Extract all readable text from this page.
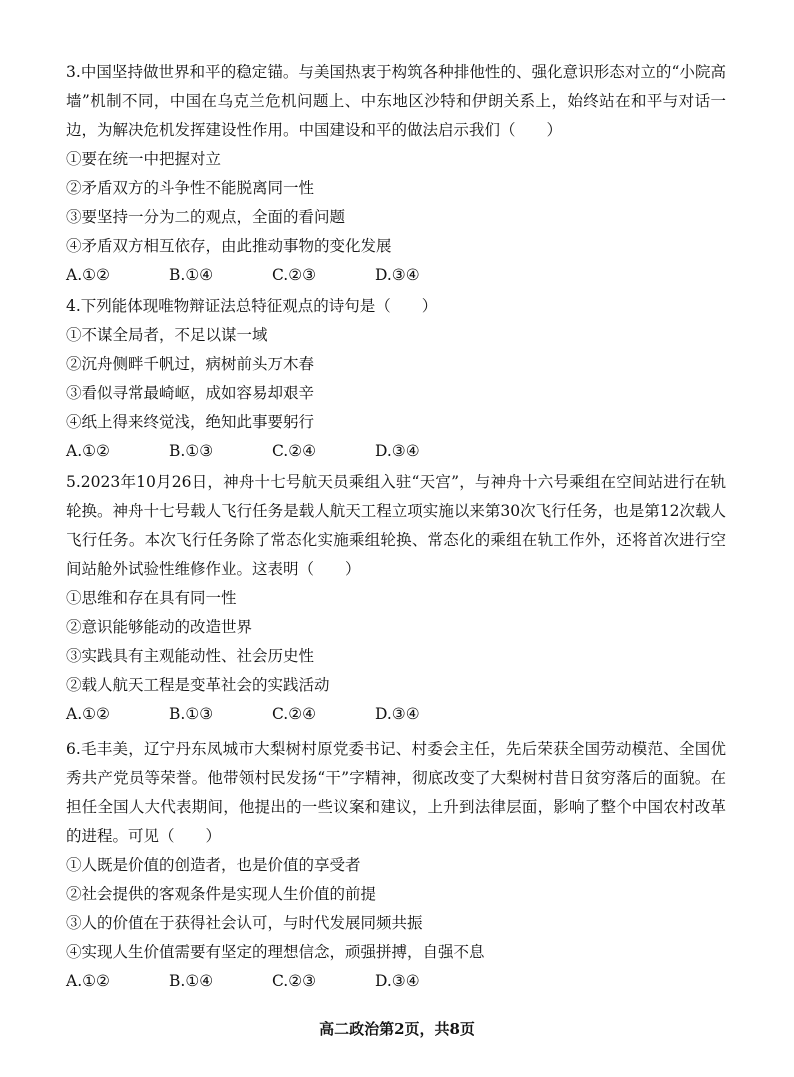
3.中国坚持做世界和平的稳定锚。与美国热衷于构筑各种排他性的、强化意识形态对立的“小院高墙”机制不同，中国在乌克兰危机问题上、中东地区沙特和伊朗关系上，始终站在和平与对话一边，为解决危机发挥建设性作用。中国建设和平的做法启示我们（　　）

①要在统一中把握对立

②矛盾双方的斗争性不能脱离同一性

③要坚持一分为二的观点，全面的看问题

④矛盾双方相互依存，由此推动事物的变化发展

A.①②	B.①④	C.②③	D.③④

4.下列能体现唯物辩证法总特征观点的诗句是（　　）

①不谋全局者，不足以谋一域

②沉舟侧畔千帆过，病树前头万木春

③看似寻常最崎岖，成如容易却艰辛

④纸上得来终觉浅，绝知此事要躬行

A.①②	B.①③	C.②④	D.③④

5.2023年10月26日，神舟十七号航天员乘组入驻“天宫”，与神舟十六号乘组在空间站进行在轨轮换。神舟十七号载人飞行任务是载人航天工程立项实施以来第30次飞行任务，也是第12次载人飞行任务。本次飞行任务除了常态化实施乘组轮换、常态化的乘组在轨工作外，还将首次进行空间站舱外试验性维修作业。这表明（　　）

①思维和存在具有同一性

②意识能够能动的改造世界

③实践具有主观能动性、社会历史性

②载人航天工程是变革社会的实践活动

A.①②	B.①③	C.②④	D.③④

6.毛丰美，辽宁丹东凤城市大梨树村原党委书记、村委会主任，先后荣获全国劳动模范、全国优秀共产党员等荣誉。他带领村民发扬“干”字精神，彻底改变了大梨树村昔日贫穷落后的面貌。在担任全国人大代表期间，他提出的一些议案和建议，上升到法律层面，影响了整个中国农村改革的进程。可见（　　）

①人既是价值的创造者，也是价值的享受者

②社会提供的客观条件是实现人生价值的前提

③人的价值在于获得社会认可，与时代发展同频共振

④实现人生价值需要有坚定的理想信念，顽强拼搏，自强不息

A.①②	B.①④	C.②③	D.③④
高二政治第2页，共8页
